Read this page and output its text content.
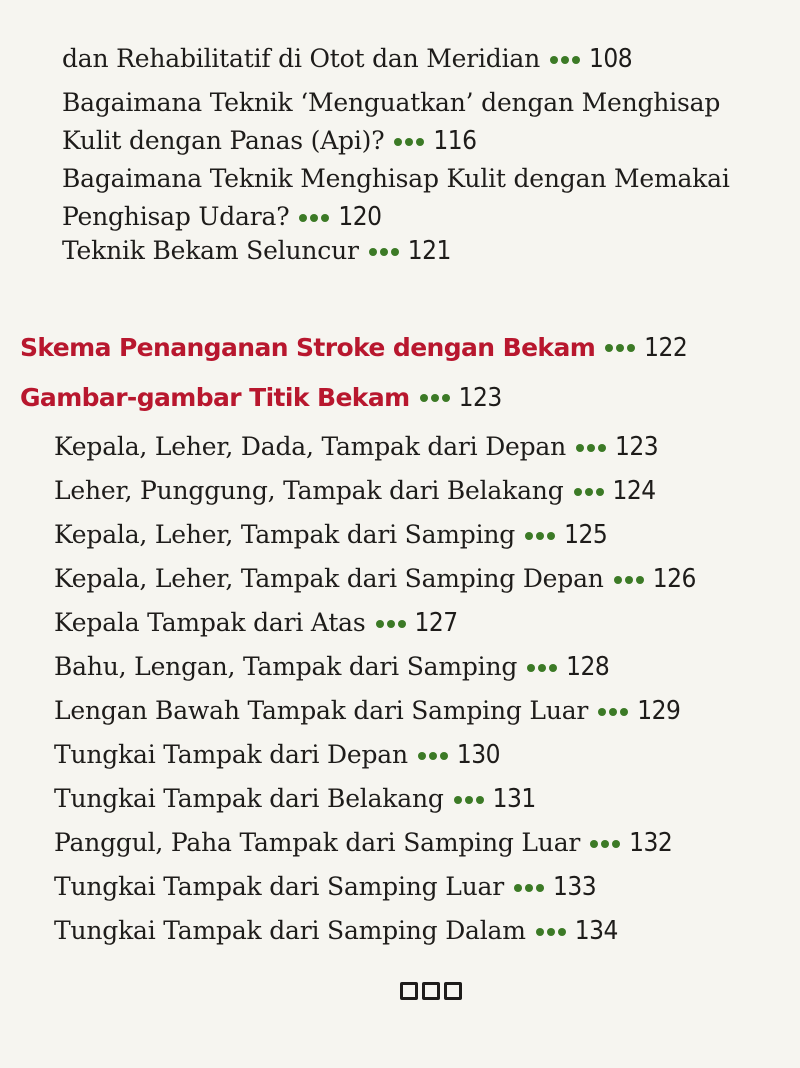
dan Rehabilitatif di Otot dan Meridian 108
Bagaimana Teknik ‘Menguatkan’ dengan Menghisap Kulit dengan Panas (Api)? 116
Bagaimana Teknik Menghisap Kulit dengan Memakai Penghisap Udara? 120
Teknik Bekam Seluncur 121
Skema Penanganan Stroke dengan Bekam 122
Gambar-gambar Titik Bekam 123
Kepala, Leher, Dada, Tampak dari Depan 123
Leher, Punggung, Tampak dari Belakang 124
Kepala, Leher, Tampak dari Samping 125
Kepala, Leher, Tampak dari Samping Depan 126
Kepala Tampak dari Atas 127
Bahu, Lengan, Tampak dari Samping 128
Lengan Bawah Tampak dari Samping Luar 129
Tungkai Tampak dari Depan 130
Tungkai Tampak dari Belakang 131
Panggul, Paha Tampak dari Samping Luar 132
Tungkai Tampak dari Samping Luar 133
Tungkai Tampak dari Samping Dalam 134
